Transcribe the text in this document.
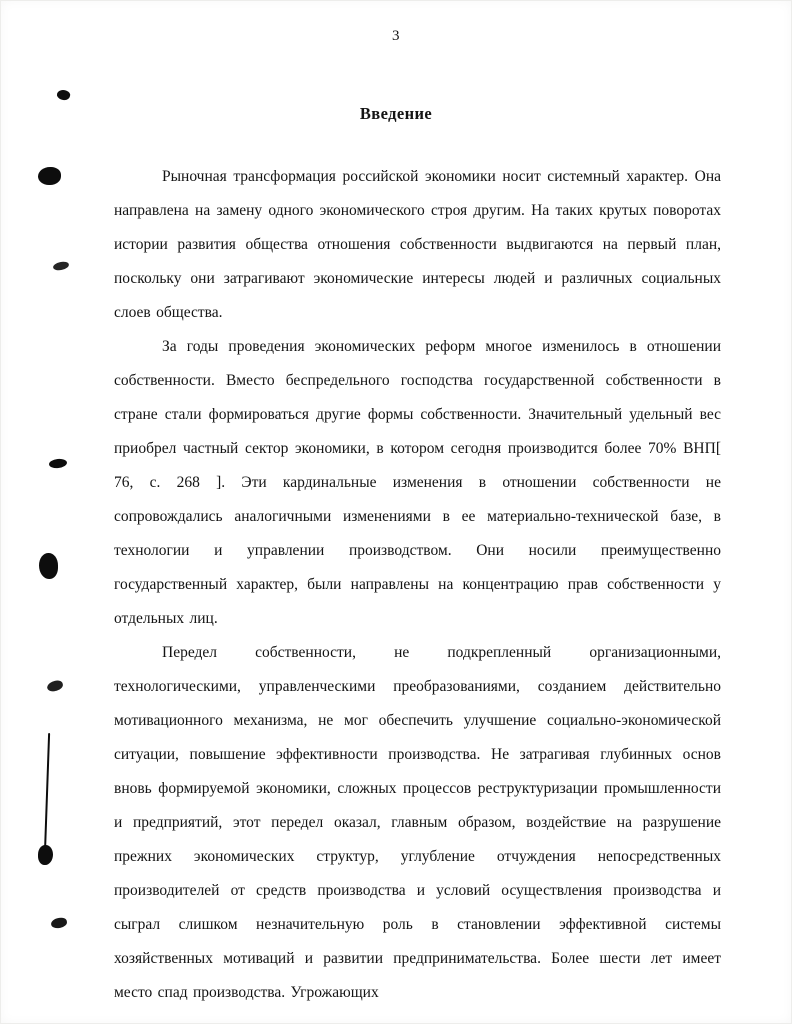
3
Введение

Рыночная трансформация российской экономики носит системный характер. Она направлена на замену одного экономического строя другим. На таких крутых поворотах истории развития общества отношения собственности выдвигаются на первый план, поскольку они затрагивают экономические интересы людей и различных социальных слоев общества.

За годы проведения экономических реформ многое изменилось в отношении собственности. Вместо беспредельного господства государственной собственности в стране стали формироваться другие формы собственности. Значительный удельный вес приобрел частный сектор экономики, в котором сегодня производится более 70% ВНП[ 76, с. 268 ]. Эти кардинальные изменения в отношении собственности не сопровождались аналогичными изменениями в ее материально-технической базе, в технологии и управлении производством. Они носили преимущественно государственный характер, были направлены на концентрацию прав собственности у отдельных лиц.

Передел собственности, не подкрепленный организационными, технологическими, управленческими преобразованиями, созданием действительно мотивационного механизма, не мог обеспечить улучшение социально-экономической ситуации, повышение эффективности производства. Не затрагивая глубинных основ вновь формируемой экономики, сложных процессов реструктуризации промышленности и предприятий, этот передел оказал, главным образом, воздействие на разрушение прежних экономических структур, углубление отчуждения непосредственных производителей от средств производства и условий осуществления производства и сыграл слишком незначительную роль в становлении эффективной системы хозяйственных мотиваций и развитии предпринимательства. Более шести лет имеет место спад производства. Угрожающих
